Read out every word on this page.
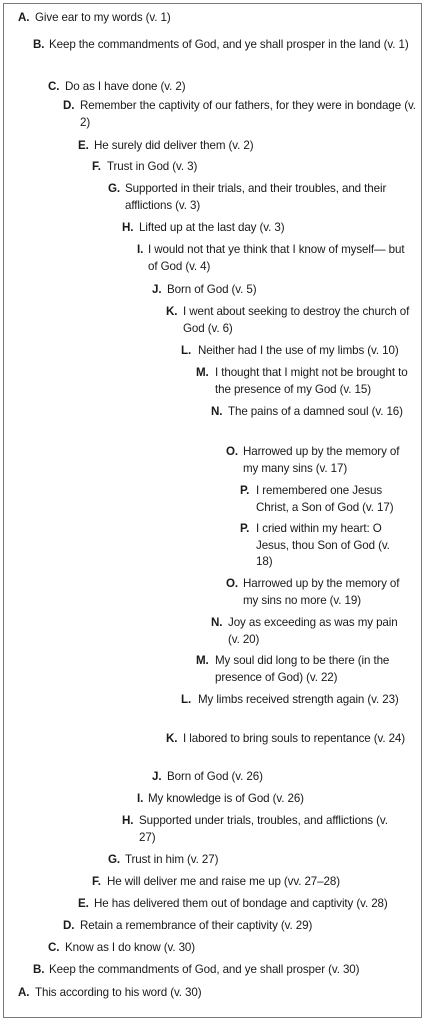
A. Give ear to my words (v. 1)
B. Keep the commandments of God, and ye shall prosper in the land (v. 1)
C. Do as I have done (v. 2)
D. Remember the captivity of our fathers, for they were in bondage (v. 2)
E. He surely did deliver them (v. 2)
F. Trust in God (v. 3)
G. Supported in their trials, and their troubles, and their afflictions (v. 3)
H. Lifted up at the last day (v. 3)
I. I would not that ye think that I know of myself— but of God (v. 4)
J. Born of God (v. 5)
K. I went about seeking to destroy the church of God (v. 6)
L. Neither had I the use of my limbs (v. 10)
M. I thought that I might not be brought to the presence of my God (v. 15)
N. The pains of a damned soul (v. 16)
O. Harrowed up by the memory of my many sins (v. 17)
P. I remembered one Jesus Christ, a Son of God (v. 17)
P. I cried within my heart: O Jesus, thou Son of God (v. 18)
O. Harrowed up by the memory of my sins no more (v. 19)
N. Joy as exceeding as was my pain (v. 20)
M. My soul did long to be there (in the presence of God) (v. 22)
L. My limbs received strength again (v. 23)
K. I labored to bring souls to repentance (v. 24)
J. Born of God (v. 26)
I. My knowledge is of God (v. 26)
H. Supported under trials, troubles, and afflictions (v. 27)
G. Trust in him (v. 27)
F. He will deliver me and raise me up (vv. 27–28)
E. He has delivered them out of bondage and captivity (v. 28)
D. Retain a remembrance of their captivity (v. 29)
C. Know as I do know (v. 30)
B. Keep the commandments of God, and ye shall prosper (v. 30)
A. This according to his word (v. 30)
